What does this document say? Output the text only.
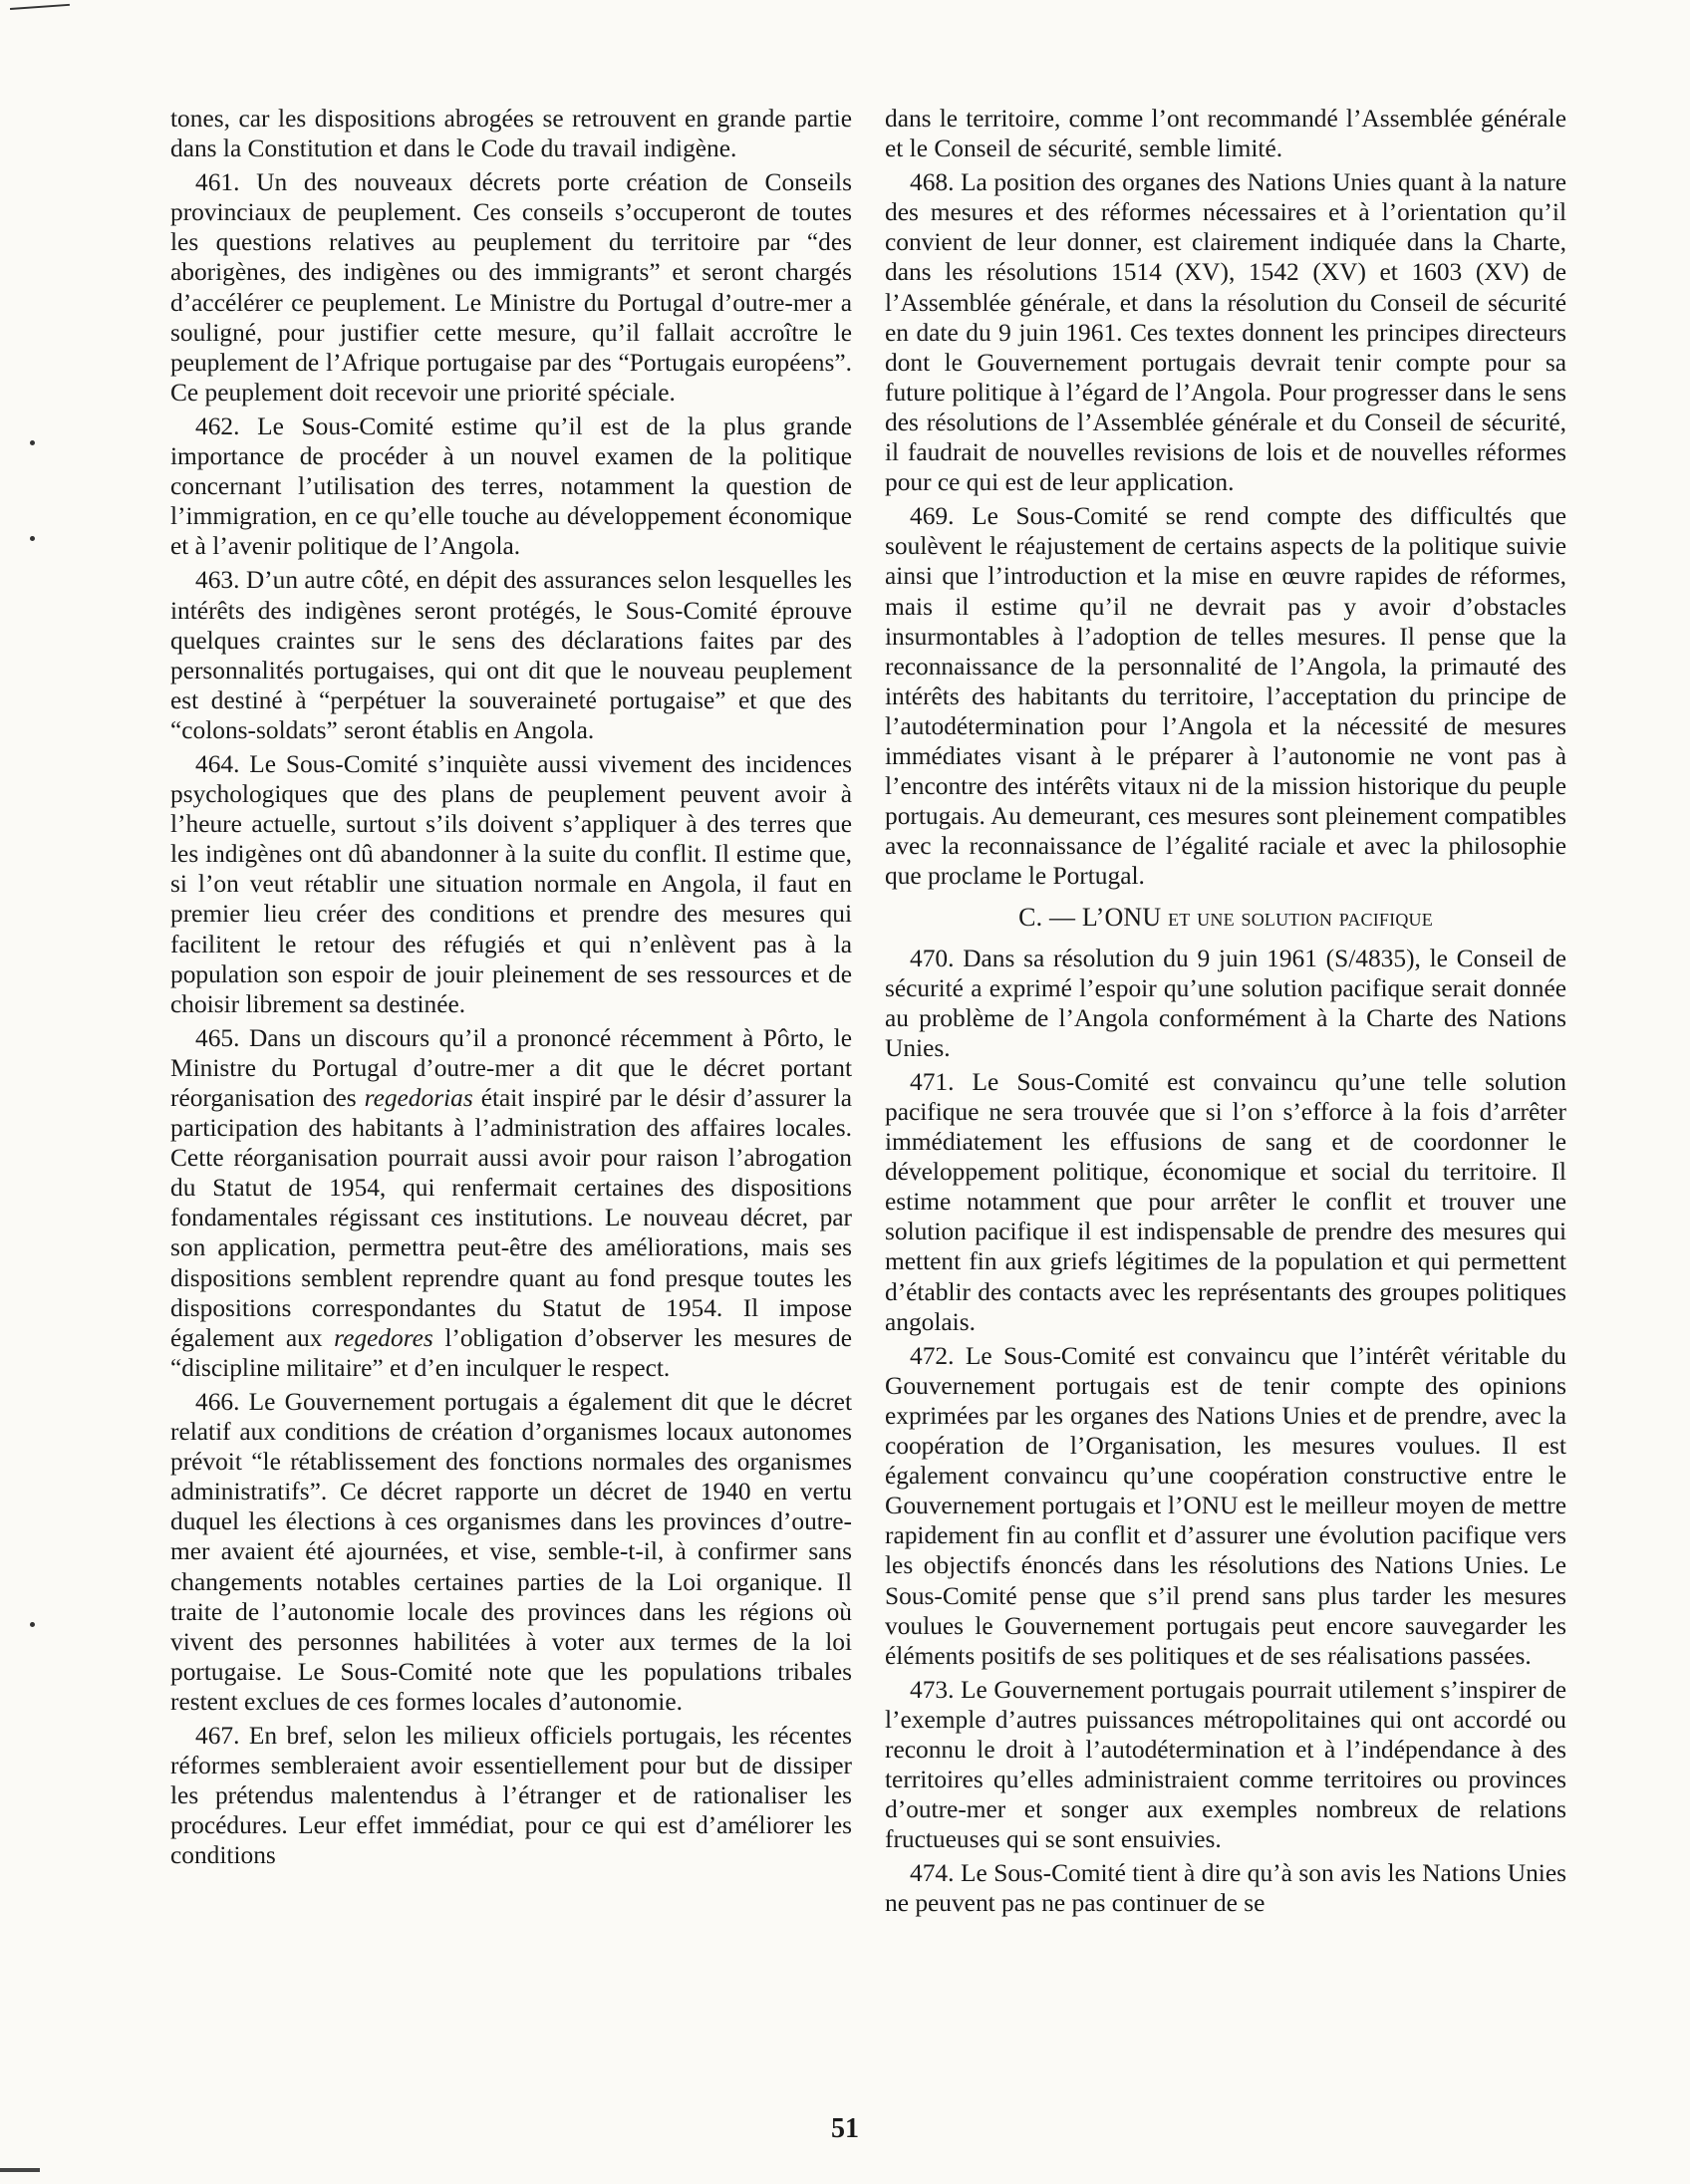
tones, car les dispositions abrogées se retrouvent en grande partie dans la Constitution et dans le Code du travail indigène.

461. Un des nouveaux décrets porte création de Conseils provinciaux de peuplement. Ces conseils s’occuperont de toutes les questions relatives au peuplement du territoire par “des aborigènes, des indigènes ou des immigrants” et seront chargés d’accélérer ce peuplement. Le Ministre du Portugal d’outre-mer a souligné, pour justifier cette mesure, qu’il fallait accroître le peuplement de l’Afrique portugaise par des “Portugais européens”. Ce peuplement doit recevoir une priorité spéciale.

462. Le Sous-Comité estime qu’il est de la plus grande importance de procéder à un nouvel examen de la politique concernant l’utilisation des terres, notamment la question de l’immigration, en ce qu’elle touche au développement économique et à l’avenir politique de l’Angola.

463. D’un autre côté, en dépit des assurances selon lesquelles les intérêts des indigènes seront protégés, le Sous-Comité éprouve quelques craintes sur le sens des déclarations faites par des personnalités portugaises, qui ont dit que le nouveau peuplement est destiné à “perpétuer la souveraineté portugaise” et que des “colons-soldats” seront établis en Angola.

464. Le Sous-Comité s’inquiète aussi vivement des incidences psychologiques que des plans de peuplement peuvent avoir à l’heure actuelle, surtout s’ils doivent s’appliquer à des terres que les indigènes ont dû abandonner à la suite du conflit. Il estime que, si l’on veut rétablir une situation normale en Angola, il faut en premier lieu créer des conditions et prendre des mesures qui facilitent le retour des réfugiés et qui n’enlèvent pas à la population son espoir de jouir pleinement de ses ressources et de choisir librement sa destinée.

465. Dans un discours qu’il a prononcé récemment à Pôrto, le Ministre du Portugal d’outre-mer a dit que le décret portant réorganisation des regedorias était inspiré par le désir d’assurer la participation des habitants à l’administration des affaires locales. Cette réorganisation pourrait aussi avoir pour raison l’abrogation du Statut de 1954, qui renfermait certaines des dispositions fondamentales régissant ces institutions. Le nouveau décret, par son application, permettra peut-être des améliorations, mais ses dispositions semblent reprendre quant au fond presque toutes les dispositions correspondantes du Statut de 1954. Il impose également aux regedores l’obligation d’observer les mesures de “discipline militaire” et d’en inculquer le respect.

466. Le Gouvernement portugais a également dit que le décret relatif aux conditions de création d’organismes locaux autonomes prévoit “le rétablissement des fonctions normales des organismes administratifs”. Ce décret rapporte un décret de 1940 en vertu duquel les élections à ces organismes dans les provinces d’outre-mer avaient été ajournées, et vise, semble-t-il, à confirmer sans changements notables certaines parties de la Loi organique. Il traite de l’autonomie locale des provinces dans les régions où vivent des personnes habilitées à voter aux termes de la loi portugaise. Le Sous-Comité note que les populations tribales restent exclues de ces formes locales d’autonomie.

467. En bref, selon les milieux officiels portugais, les récentes réformes sembleraient avoir essentiellement pour but de dissiper les prétendus malentendus à l’étranger et de rationaliser les procédures. Leur effet immédiat, pour ce qui est d’améliorer les conditions

dans le territoire, comme l’ont recommandé l’Assemblée générale et le Conseil de sécurité, semble limité.

468. La position des organes des Nations Unies quant à la nature des mesures et des réformes nécessaires et à l’orientation qu’il convient de leur donner, est clairement indiquée dans la Charte, dans les résolutions 1514 (XV), 1542 (XV) et 1603 (XV) de l’Assemblée générale, et dans la résolution du Conseil de sécurité en date du 9 juin 1961. Ces textes donnent les principes directeurs dont le Gouvernement portugais devrait tenir compte pour sa future politique à l’égard de l’Angola. Pour progresser dans le sens des résolutions de l’Assemblée générale et du Conseil de sécurité, il faudrait de nouvelles revisions de lois et de nouvelles réformes pour ce qui est de leur application.

469. Le Sous-Comité se rend compte des difficultés que soulèvent le réajustement de certains aspects de la politique suivie ainsi que l’introduction et la mise en œuvre rapides de réformes, mais il estime qu’il ne devrait pas y avoir d’obstacles insurmontables à l’adoption de telles mesures. Il pense que la reconnaissance de la personnalité de l’Angola, la primauté des intérêts des habitants du territoire, l’acceptation du principe de l’autodétermination pour l’Angola et la nécessité de mesures immédiates visant à le préparer à l’autonomie ne vont pas à l’encontre des intérêts vitaux ni de la mission historique du peuple portugais. Au demeurant, ces mesures sont pleinement compatibles avec la reconnaissance de l’égalité raciale et avec la philosophie que proclame le Portugal.

C. — L’ONU et une solution pacifique

470. Dans sa résolution du 9 juin 1961 (S/4835), le Conseil de sécurité a exprimé l’espoir qu’une solution pacifique serait donnée au problème de l’Angola conformément à la Charte des Nations Unies.

471. Le Sous-Comité est convaincu qu’une telle solution pacifique ne sera trouvée que si l’on s’efforce à la fois d’arrêter immédiatement les effusions de sang et de coordonner le développement politique, économique et social du territoire. Il estime notamment que pour arrêter le conflit et trouver une solution pacifique il est indispensable de prendre des mesures qui mettent fin aux griefs légitimes de la population et qui permettent d’établir des contacts avec les représentants des groupes politiques angolais.

472. Le Sous-Comité est convaincu que l’intérêt véritable du Gouvernement portugais est de tenir compte des opinions exprimées par les organes des Nations Unies et de prendre, avec la coopération de l’Organisation, les mesures voulues. Il est également convaincu qu’une coopération constructive entre le Gouvernement portugais et l’ONU est le meilleur moyen de mettre rapidement fin au conflit et d’assurer une évolution pacifique vers les objectifs énoncés dans les résolutions des Nations Unies. Le Sous-Comité pense que s’il prend sans plus tarder les mesures voulues le Gouvernement portugais peut encore sauvegarder les éléments positifs de ses politiques et de ses réalisations passées.

473. Le Gouvernement portugais pourrait utilement s’inspirer de l’exemple d’autres puissances métropolitaines qui ont accordé ou reconnu le droit à l’autodétermination et à l’indépendance à des territoires qu’elles administraient comme territoires ou provinces d’outre-mer et songer aux exemples nombreux de relations fructueuses qui se sont ensuivies.

474. Le Sous-Comité tient à dire qu’à son avis les Nations Unies ne peuvent pas ne pas continuer de se

51
